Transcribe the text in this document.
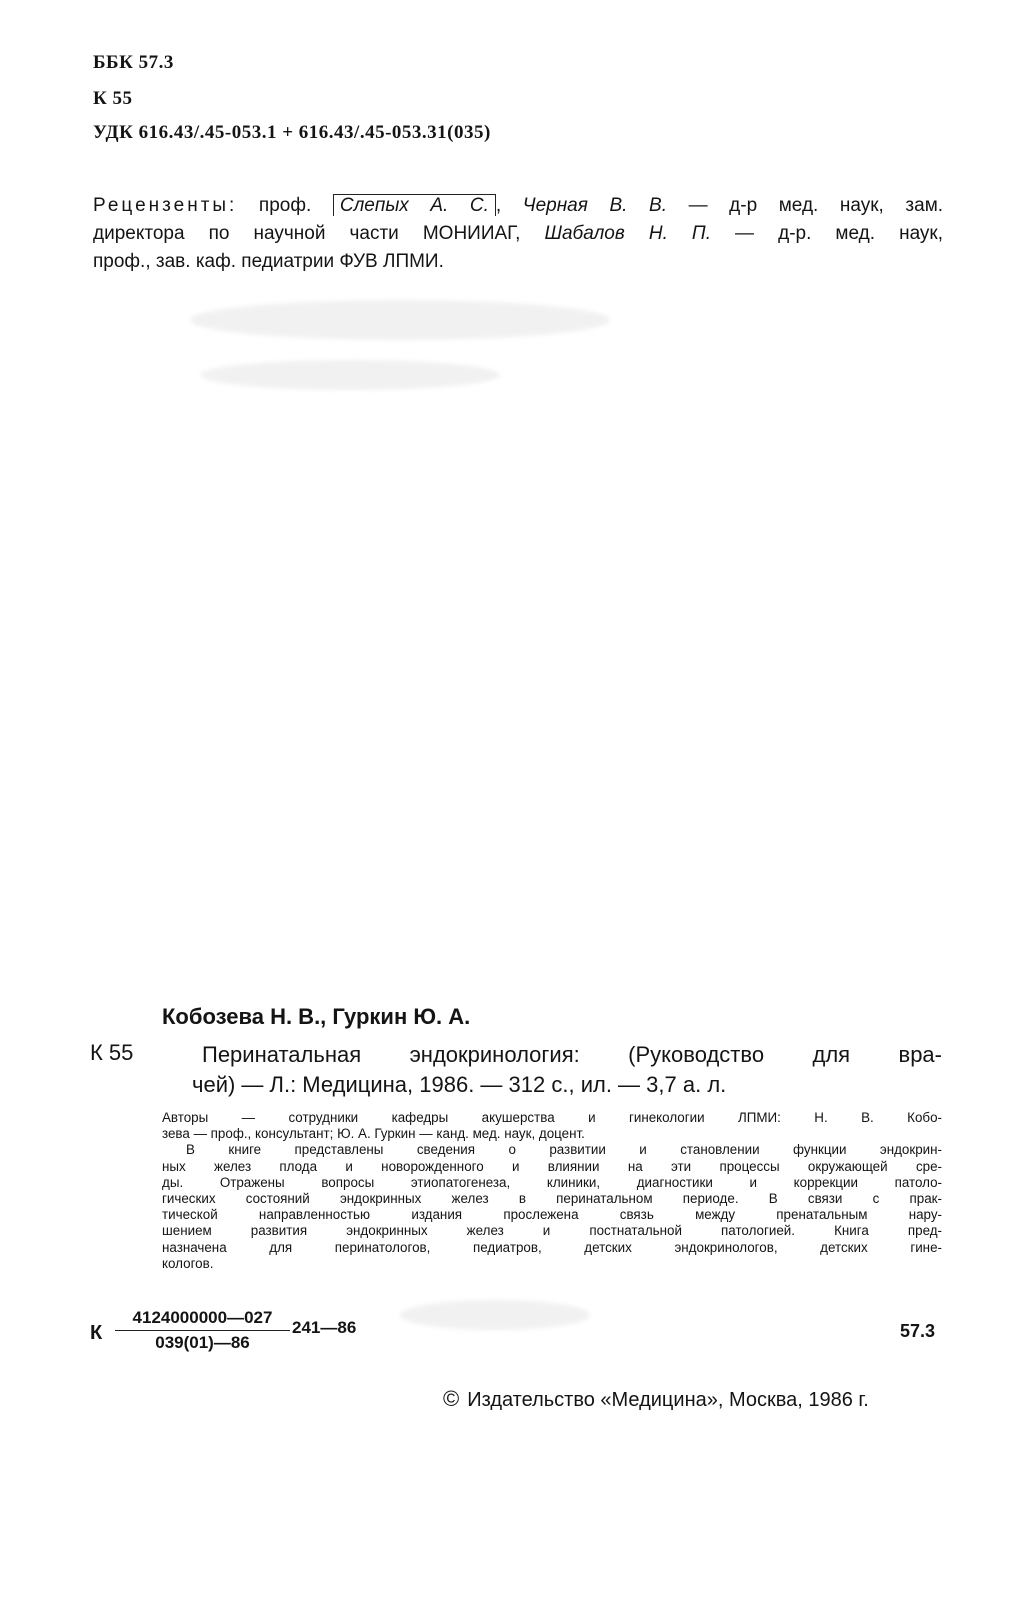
ББК 57.3
К 55
УДК 616.43/.45-053.1 + 616.43/.45-053.31(035)
Рецензенты: проф. Слепых А. С. , Черная В. В. — д-р мед. наук, зам.
директора по научной части МОНИИАГ, Шабалов Н. П. — д-р. мед. наук,
проф., зав. каф. педиатрии ФУВ ЛПМИ.
Кобозева Н. В., Гуркин Ю. А.
К 55	Перинатальная эндокринология: (Руководство для вра-
чей) — Л.: Медицина, 1986. — 312 с., ил. — 3,7 а. л.
Авторы — сотрудники кафедры акушерства и гинекологии ЛПМИ: Н. В. Кобо-
зева — проф., консультант; Ю. А. Гуркин — канд. мед. наук, доцент.
В книге представлены сведения о развитии и становлении функции эндокрин-
ных желез плода и новорожденного и влиянии на эти процессы окружающей сре-
ды. Отражены вопросы этиопатогенеза, клиники, диагностики и коррекции патоло-
гических состояний эндокринных желез в перинатальном периоде. В связи с прак-
тической направленностью издания прослежена связь между пренатальным нару-
шением развития эндокринных желез и постнатальной патологией. Книга пред-
назначена для перинатологов, педиатров, детских эндокринологов, детских гине-
кологов.
К $\frac{4124000000—027}{039(01)—86}$ 241—86	57.3
© Издательство «Медицина», Москва, 1986 г.
